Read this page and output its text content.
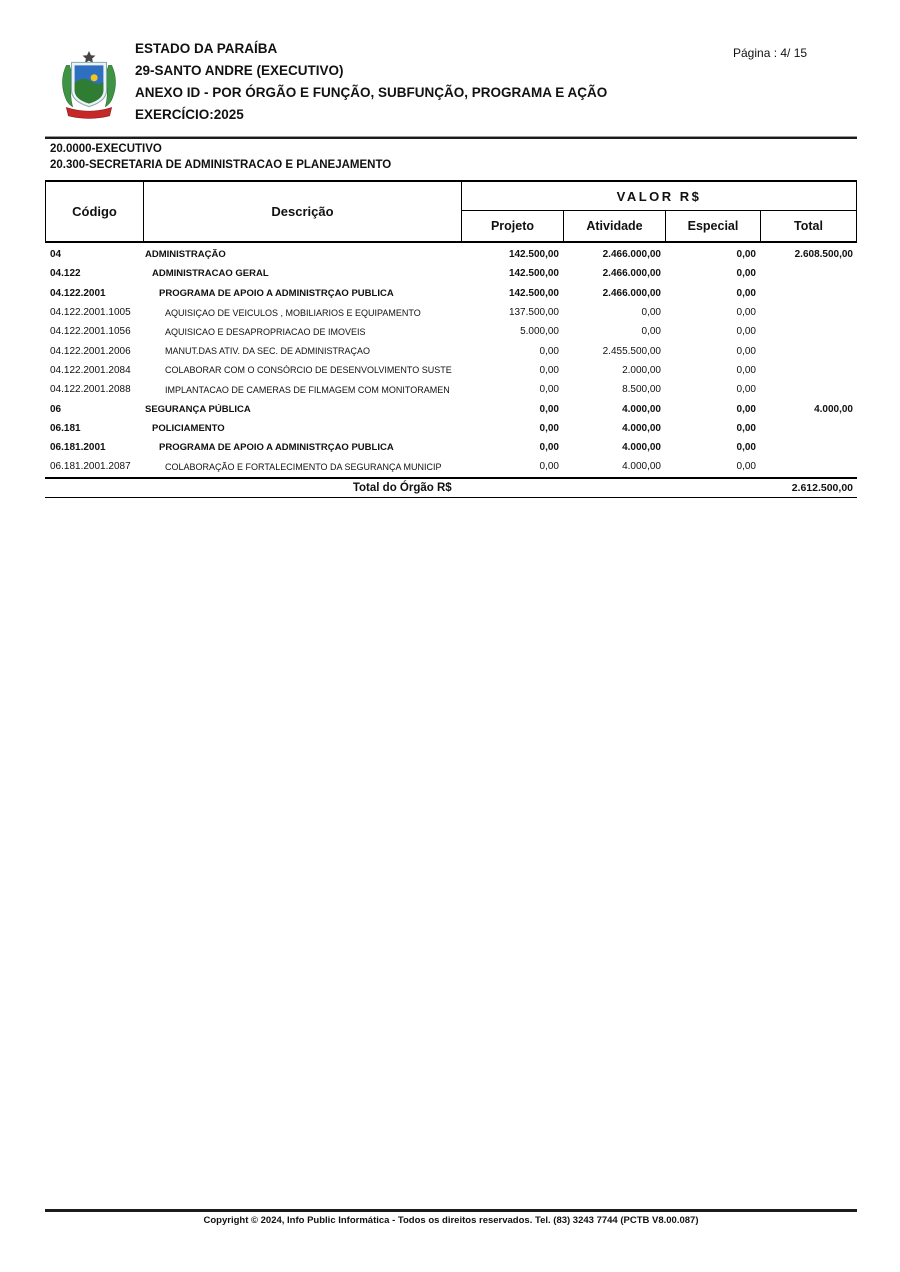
ESTADO DA PARAÍBA
29-SANTO ANDRE (EXECUTIVO)
ANEXO ID - POR ÓRGÃO E FUNÇÃO, SUBFUNÇÃO, PROGRAMA E AÇÃO
EXERCÍCIO:2025
Página : 4/ 15
20.0000-EXECUTIVO
20.300-SECRETARIA DE ADMINISTRACAO E PLANEJAMENTO
Código	Descrição
VALOR R$
Projeto	Atividade	Especial	Total
04	ADMINISTRAÇÃO	142.500,00	2.466.000,00	0,00	2.608.500,00
04.122	ADMINISTRACAO GERAL	142.500,00	2.466.000,00	0,00
04.122.2001	PROGRAMA DE APOIO A ADMINISTRÇAO PUBLICA	142.500,00	2.466.000,00	0,00
04.122.2001.1005	AQUISIÇAO DE VEICULOS , MOBILIARIOS E EQUIPAMENTO	137.500,00	0,00	0,00
04.122.2001.1056	AQUISICAO E DESAPROPRIACAO DE IMOVEIS	5.000,00	0,00	0,00
04.122.2001.2006	MANUT.DAS ATIV. DA SEC. DE ADMINISTRAÇAO	0,00	2.455.500,00	0,00
04.122.2001.2084	COLABORAR COM O CONSÓRCIO DE DESENVOLVIMENTO SUSTE	0,00	2.000,00	0,00
04.122.2001.2088	IMPLANTACAO DE CAMERAS DE FILMAGEM COM MONITORAMEN	0,00	8.500,00	0,00
06	SEGURANÇA PÚBLICA	0,00	4.000,00	0,00	4.000,00
06.181	POLICIAMENTO	0,00	4.000,00	0,00
06.181.2001	PROGRAMA DE APOIO A ADMINISTRÇAO PUBLICA	0,00	4.000,00	0,00
06.181.2001.2087	COLABORAÇÃO E FORTALECIMENTO DA SEGURANÇA MUNICIP	0,00	4.000,00	0,00
Total do Órgão R$	2.612.500,00
Copyright © 2024, Info Public Informática - Todos os direitos reservados. Tel. (83) 3243 7744 (PCTB V8.00.087)
